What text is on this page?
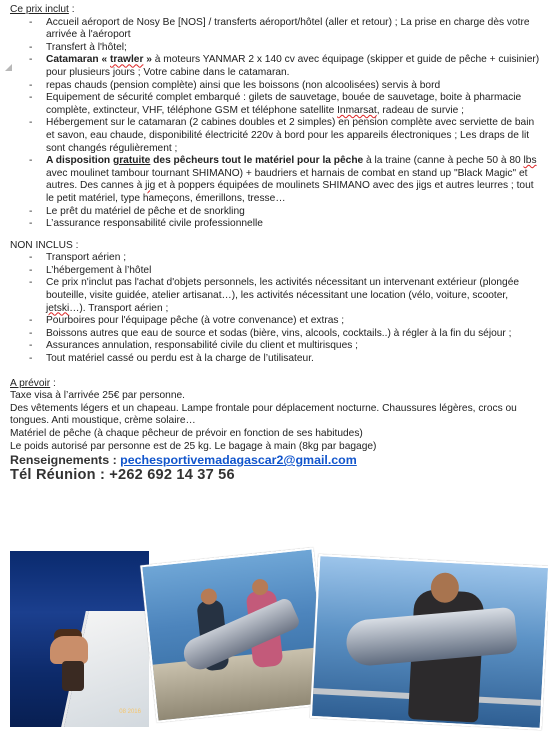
Ce prix inclut :
- Accueil aéroport de Nosy Be [NOS] / transferts aéroport/hôtel (aller et retour) ; La prise en charge dès votre arrivée à l'aéroport
- Transfert à l'hôtel;
- Catamaran « trawler » à moteurs YANMAR 2 x 140 cv avec équipage (skipper et guide de pêche + cuisinier) pour plusieurs jours ; Votre cabine dans le catamaran.
- repas chauds (pension complète) ainsi que les boissons (non alcoolisées) servis à bord
- Equipement de sécurité complet embarqué : gilets de sauvetage, bouée de sauvetage, boite à pharmacie complète, extincteur, VHF, téléphone GSM et téléphone satellite Inmarsat, radeau de survie ;
- Hébergement sur le catamaran (2 cabines doubles et 2 simples) en pension complète avec serviette de bain et savon, eau chaude, disponibilité électricité 220v à bord pour les appareils électroniques ; Les draps de lit sont changés régulièrement ;
- A disposition gratuite des pêcheurs tout le matériel pour la pêche à la traine (canne à peche 50 à 80 lbs avec moulinet tambour tournant SHIMANO) + baudriers et harnais de combat en stand up "Black Magic" et autres. Des cannes à jig et à poppers équipées de moulinets SHIMANO avec des jigs et autres leurres ; tout le petit matériel, type hameçons, émerillons, tresse…
- Le prêt du matériel de pêche et de snorkling
- L’assurance responsabilité civile professionnelle
NON INCLUS :
- Transport aérien ;
- L’hébergement à l’hôtel
- Ce prix n'inclut pas l'achat d'objets personnels, les activités nécessitant un intervenant extérieur (plongée bouteille, visite guidée, atelier artisanat…), les activités nécessitant une location (vélo, voiture, scooter, jetski…). Transport aérien ;
- Pourboires pour l'équipage pêche (à votre convenance) et extras ;
- Boissons autres que eau de source et sodas (bière, vins, alcools, cocktails..) à régler à la fin du séjour ;
- Assurances annulation, responsabilité civile du client et multirisques ;
- Tout matériel cassé ou perdu est à la charge de l’utilisateur.
A prévoir :
Taxe visa à l’arrivée 25€ par personne.
Des vêtements légers et un chapeau. Lampe frontale pour déplacement nocturne. Chaussures légères, crocs ou tongues. Anti moustique, crème solaire…
Matériel de pêche (à chaque pêcheur de prévoir en fonction de ses habitudes)
Le poids autorisé par personne est de 25 kg. Le bagage à main (8kg par bagage)
Renseignements : pechesportivemadagascar2@gmail.com
Tél Réunion : +262 692 14 37 56
08 2016
